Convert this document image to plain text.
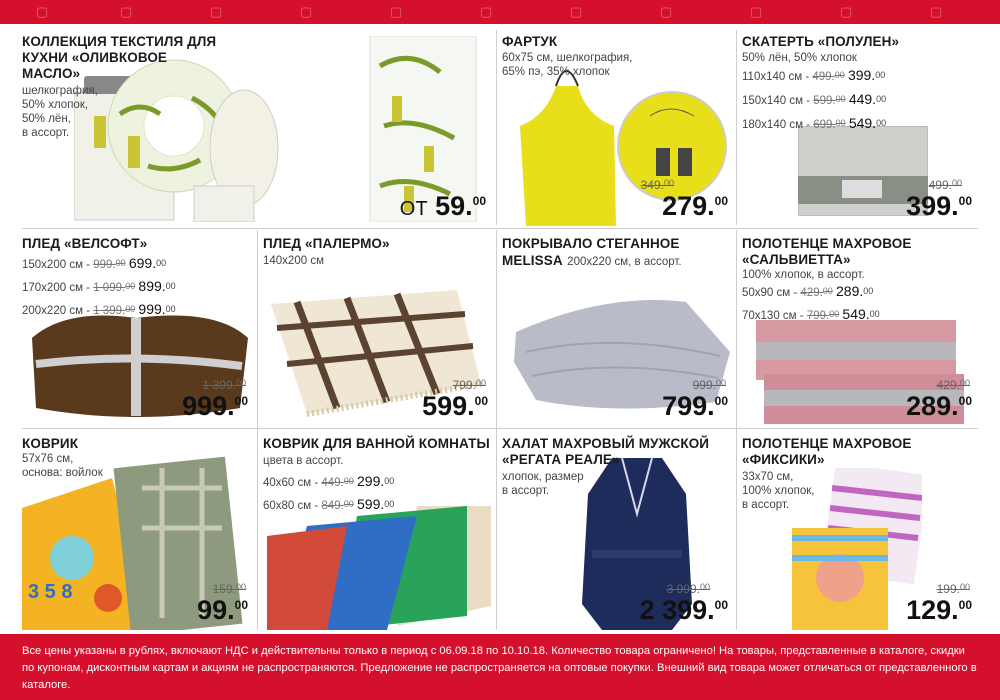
▢	▢	▢	▢	▢	▢	▢	▢	▢	▢	▢
КОЛЛЕКЦИЯ ТЕКСТИЛЯ ДЛЯ КУХНИ «ОЛИВКОВОЕ МАСЛО»
шелкография,
50% хлопок,
50% лён,
в ассорт.
ОТ 59.00
ФАРТУК
60х75 см, шелкография,
65% пэ, 35% хлопок
349.00
279.00
СКАТЕРТЬ «ПОЛУЛЕН»
50% лён, 50% хлопок
110х140 см - 499.00 399.00
150х140 см - 599.00 449.00
180х140 см - 699.00 549.00
499.00
399.00
ПЛЕД «ВЕЛСОФТ»
150х200 см - 999.00 699.00
170х200 см - 1 099.00 899.00
200х220 см - 1 399.00 999.00
1 399.00
999.00
ПЛЕД «ПАЛЕРМО»
140х200 см
799.00
599.00
ПОКРЫВАЛО СТЕГАННОЕ
MELISSA 200х220 см, в ассорт.
999.00
799.00
ПОЛОТЕНЦЕ МАХРОВОЕ «САЛЬВИЕТТА»
100% хлопок, в ассорт.
50х90 см - 429.00 289.00
70х130 см - 799.00 549.00
429.00
289.00
3 5 8
КОВРИК
57х76 см,
основа: войлок
159.00
99.00
КОВРИК ДЛЯ ВАННОЙ КОМНАТЫ
цвета в ассорт.
40х60 см - 449.00 299.00
60х80 см - 849.00 599.00
ХАЛАТ МАХРОВЫЙ МУЖСКОЙ «РЕГАТА РЕАЛЕ»
хлопок, размер
в ассорт.
3 999.00
2 399.00
ПОЛОТЕНЦЕ МАХРОВОЕ «ФИКСИКИ»
33х70 см,
100% хлопок,
в ассорт.
199.00
129.00
Все цены указаны в рублях, включают НДС и действительны только в период с 06.09.18 по 10.10.18. Количество товара ограничено! На товары, представленные в каталоге, скидки по купонам, дисконтным картам и акциям не распространяются. Предложение не распространяется на оптовые покупки. Внешний вид товара может отличаться от представленного в каталоге.
